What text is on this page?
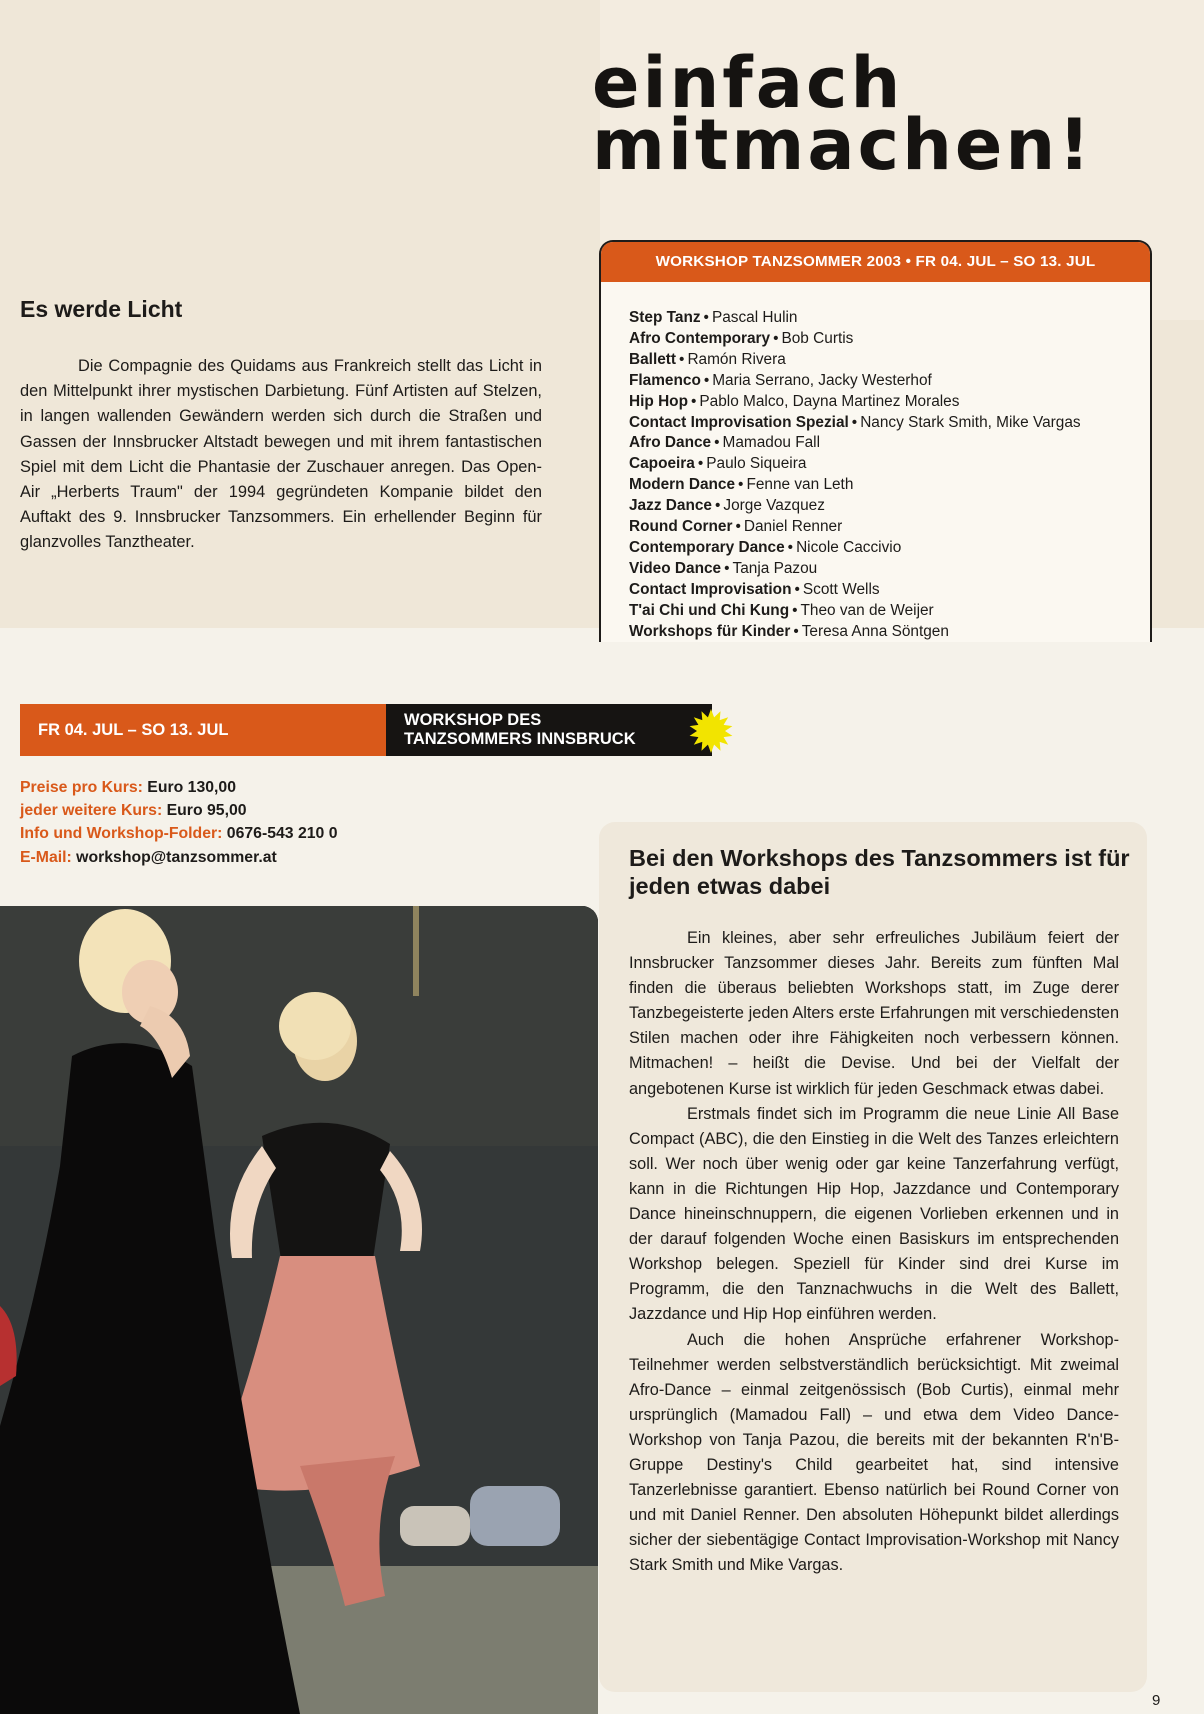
einfach
mitmachen!
Es werde Licht

Die Compagnie des Quidams aus Frankreich stellt das Licht in den Mittelpunkt ihrer mystischen Darbietung. Fünf Artisten auf Stelzen, in langen wallenden Gewändern werden sich durch die Straßen und Gassen der Innsbrucker Altstadt bewegen und mit ihrem fantastischen Spiel mit dem Licht die Phantasie der Zuschauer anregen. Das Open-Air „Herberts Traum" der 1994 gegründeten Kompanie bildet den Auftakt des 9. Innsbrucker Tanzsommers. Ein erhellender Beginn für glanzvolles Tanztheater.

WORKSHOP TANZSOMMER 2003 • FR 04. JUL – SO 13. JUL
Step Tanz • Pascal Hulin
Afro Contemporary • Bob Curtis
Ballett • Ramón Rivera
Flamenco • Maria Serrano, Jacky Westerhof
Hip Hop • Pablo Malco, Dayna Martinez Morales
Contact Improvisation Spezial • Nancy Stark Smith, Mike Vargas
Afro Dance • Mamadou Fall
Capoeira • Paulo Siqueira
Modern Dance • Fenne van Leth
Jazz Dance • Jorge Vazquez
Round Corner • Daniel Renner
Contemporary Dance • Nicole Caccivio
Video Dance • Tanja Pazou
Contact Improvisation • Scott Wells
T'ai Chi und Chi Kung • Theo van de Weijer
Workshops für Kinder • Teresa Anna Söntgen
FR 04. JUL – SO 13. JUL
WORKSHOP DES
TANZSOMMERS INNSBRUCK
Preise pro Kurs: Euro 130,00
jeder weitere Kurs: Euro 95,00
Info und Workshop-Folder: 0676-543 210 0
E-Mail: workshop@tanzsommer.at	Bei den Workshops des Tanzsommers ist für jeden etwas dabei

Ein kleines, aber sehr erfreuliches Jubiläum feiert der Innsbrucker Tanzsommer dieses Jahr. Bereits zum fünften Mal finden die überaus beliebten Workshops statt, im Zuge derer Tanzbegeisterte jeden Alters erste Erfahrungen mit verschiedensten Stilen machen oder ihre Fähigkeiten noch verbessern können. Mitmachen! – heißt die Devise. Und bei der Vielfalt der angebotenen Kurse ist wirklich für jeden Geschmack etwas dabei.

Erstmals findet sich im Programm die neue Linie All Base Compact (ABC), die den Einstieg in die Welt des Tanzes erleichtern soll. Wer noch über wenig oder gar keine Tanzerfahrung verfügt, kann in die Richtungen Hip Hop, Jazzdance und Contemporary Dance hineinschnuppern, die eigenen Vorlieben erkennen und in der darauf folgenden Woche einen Basiskurs im entsprechenden Workshop belegen. Speziell für Kinder sind drei Kurse im Programm, die den Tanznachwuchs in die Welt des Ballett, Jazzdance und Hip Hop einführen werden.

Auch die hohen Ansprüche erfahrener Workshop-Teilnehmer werden selbstverständlich berücksichtigt. Mit zweimal Afro-Dance – einmal zeitgenössisch (Bob Curtis), einmal mehr ursprünglich (Mamadou Fall) – und etwa dem Video Dance-Workshop von Tanja Pazou, die bereits mit der bekannten R'n'B-Gruppe Destiny's Child gearbeitet hat, sind intensive Tanzerlebnisse garantiert. Ebenso natürlich bei Round Corner von und mit Daniel Renner. Den absoluten Höhepunkt bildet allerdings sicher der siebentägige Contact Improvisation-Workshop mit Nancy Stark Smith und Mike Vargas.

9
